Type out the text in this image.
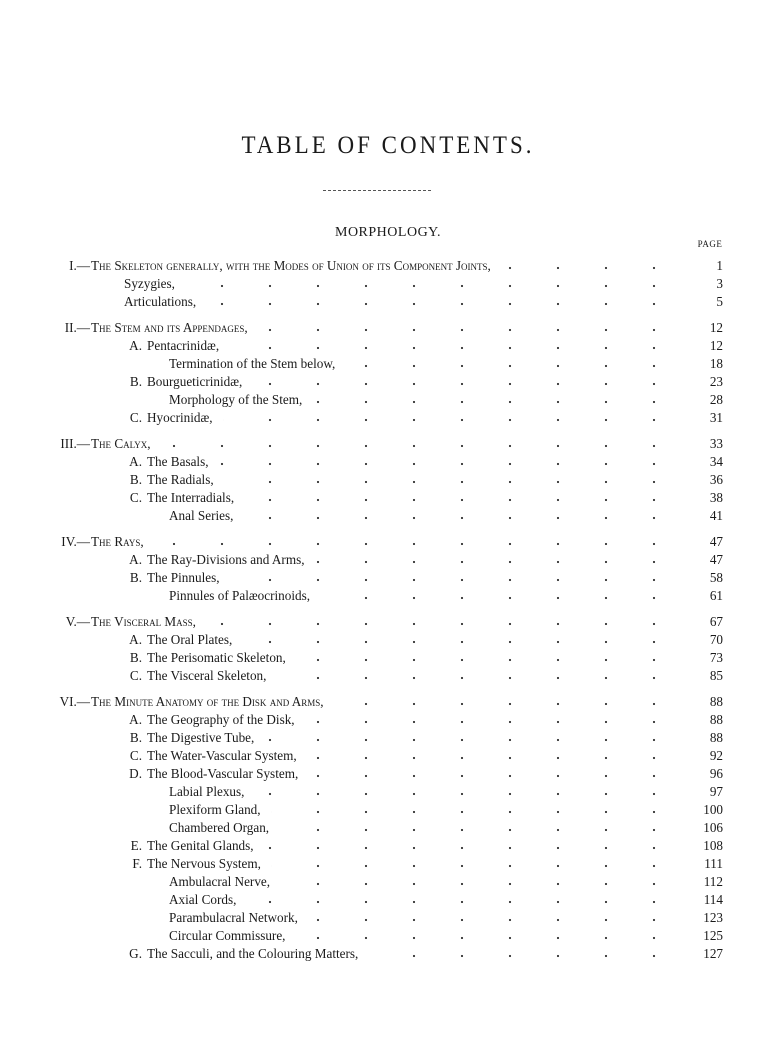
TABLE OF CONTENTS.
MORPHOLOGY.
PAGE
I.— The Skeleton generally, with the Modes of Union of its Component Joints,	1
Syzygies,	3
Articulations,	5
II.— The Stem and its Appendages,	12
A. Pentacrinidæ,	12
Termination of the Stem below,	18
B. Bourgueticrinidæ,	23
Morphology of the Stem,	28
C. Hyocrinidæ,	31
III.— The Calyx,	33
A. The Basals,	34
B. The Radials,	36
C. The Interradials,	38
Anal Series,	41
IV.— The Rays,	47
A. The Ray-Divisions and Arms,	47
B. The Pinnules,	58
Pinnules of Palæocrinoids,	61
V.— The Visceral Mass,	67
A. The Oral Plates,	70
B. The Perisomatic Skeleton,	73
C. The Visceral Skeleton,	85
VI.— The Minute Anatomy of the Disk and Arms,	88
A. The Geography of the Disk,	88
B. The Digestive Tube,	88
C. The Water-Vascular System,	92
D. The Blood-Vascular System,	96
Labial Plexus,	97
Plexiform Gland,	100
Chambered Organ,	106
E. The Genital Glands,	108
F. The Nervous System,	111
Ambulacral Nerve,	112
Axial Cords,	114
Parambulacral Network,	123
Circular Commissure,	125
G. The Sacculi, and the Colouring Matters,	127
